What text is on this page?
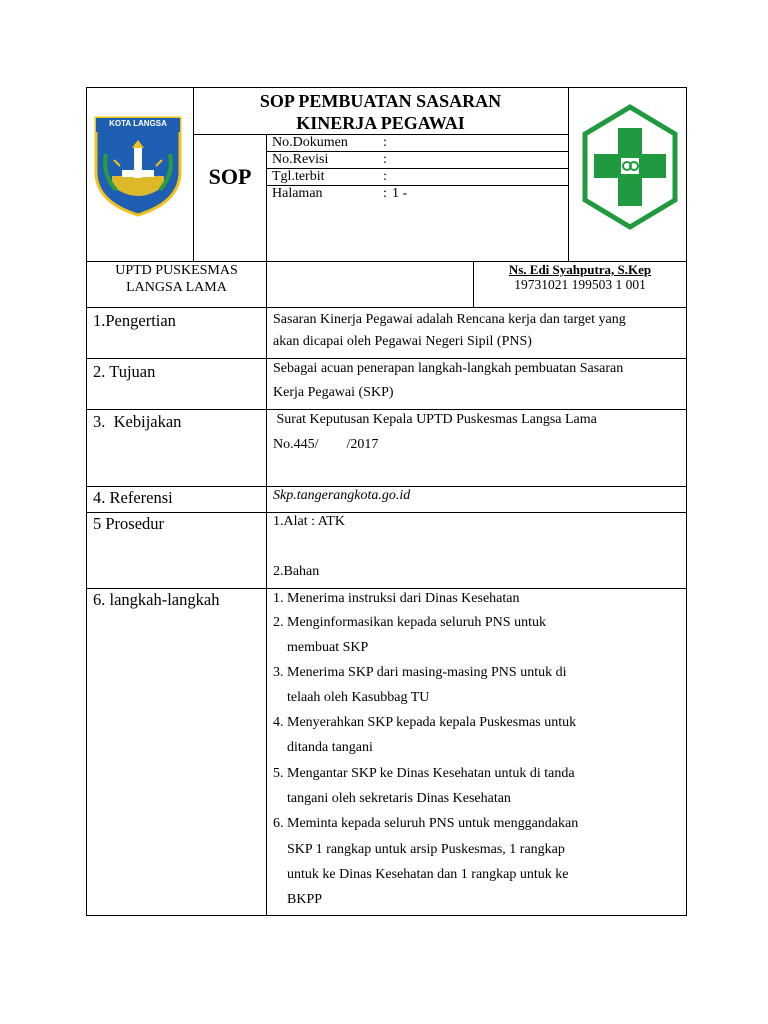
KOTA LANGSA
SOP PEMBUATAN SASARAN
KINERJA PEGAWAI
SOP
No.Dokumen	:
No.Revisi	:
Tgl.terbit	:
Halaman	: 1 -
UPTD PUSKESMAS
LANGSA LAMA
Ns. Edi Syahputra, S.Kep
19731021 199503 1 001
1.Pengertian	Sasaran Kinerja Pegawai adalah Rencana kerja dan target yang
akan dicapai oleh Pegawai Negeri Sipil (PNS)
2. Tujuan	Sebagai acuan penerapan langkah-langkah pembuatan Sasaran
Kerja Pegawai (SKP)
3.  Kebijakan	Surat Keputusan Kepala UPTD Puskesmas Langsa Lama
No.445/        /2017
4. Referensi	Skp.tangerangkota.go.id
5 Prosedur	1.Alat : ATK
2.Bahan
6. langkah-langkah	1. Menerima instruksi dari Dinas Kesehatan
2. Menginformasikan kepada seluruh PNS untuk
membuat SKP
3. Menerima SKP dari masing-masing PNS untuk di
telaah oleh Kasubbag TU
4. Menyerahkan SKP kepada kepala Puskesmas untuk
ditanda tangani
5. Mengantar SKP ke Dinas Kesehatan untuk di tanda
tangani oleh sekretaris Dinas Kesehatan
6. Meminta kepada seluruh PNS untuk menggandakan
SKP 1 rangkap untuk arsip Puskesmas, 1 rangkap
untuk ke Dinas Kesehatan dan 1 rangkap untuk ke
BKPP
